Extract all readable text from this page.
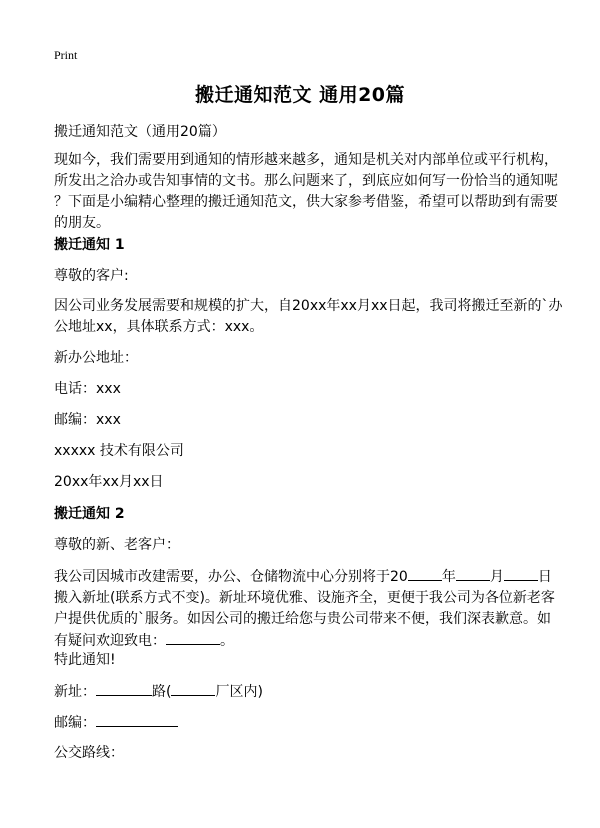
Print
搬迁通知范文 通用20篇
搬迁通知范文（通用20篇）
现如今，我们需要用到通知的情形越来越多，通知是机关对内部单位或平行机构，
所发出之洽办或告知事情的文书。那么问题来了，到底应如何写一份恰当的通知呢
？下面是小编精心整理的搬迁通知范文，供大家参考借鉴，希望可以帮助到有需要
的朋友。
搬迁通知 1
尊敬的客户:
因公司业务发展需要和规模的扩大，自20xx年xx月xx日起，我司将搬迁至新的`办
公地址xx，具体联系方式：xxx。
新办公地址：
电话：xxx
邮编：xxx
xxxxx 技术有限公司
20xx年xx月xx日
搬迁通知 2
尊敬的新、老客户：
我公司因城市改建需要，办公、仓储物流中心分别将于20 年 月 日
搬入新址(联系方式不变)。新址环境优雅、设施齐全，更便于我公司为各位新老客
户提供优质的`服务。如因公司的搬迁给您与贵公司带来不便，我们深表歉意。如
有疑问欢迎致电：	。
特此通知!
新址：	路(	厂区内)
邮编：
公交路线：
